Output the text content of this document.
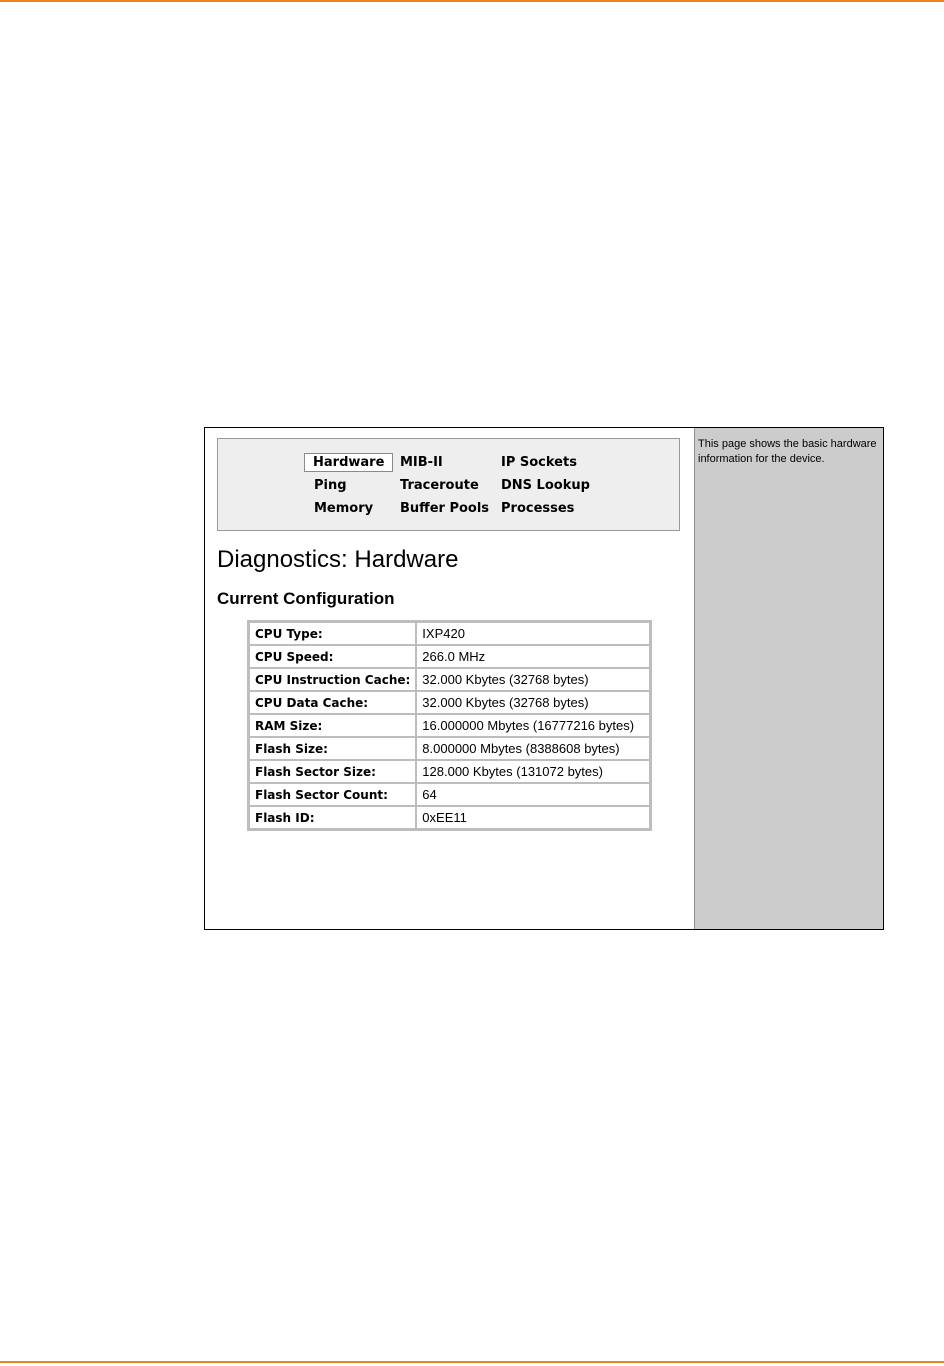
Hardware	MIB-II	IP Sockets
Ping	Traceroute DNS Lookup
Memory Buffer Pools Processes
Diagnostics: Hardware
Current Configuration
CPU Type:	IXP420
CPU Speed:	266.0 MHz
CPU Instruction Cache:	32.000 Kbytes (32768 bytes)
CPU Data Cache:	32.000 Kbytes (32768 bytes)
RAM Size:	16.000000 Mbytes (16777216 bytes)
Flash Size:	8.000000 Mbytes (8388608 bytes)
Flash Sector Size:	128.000 Kbytes (131072 bytes)
Flash Sector Count:	64
Flash ID:	0xEE11
This page shows the basic hardware information for the device.
